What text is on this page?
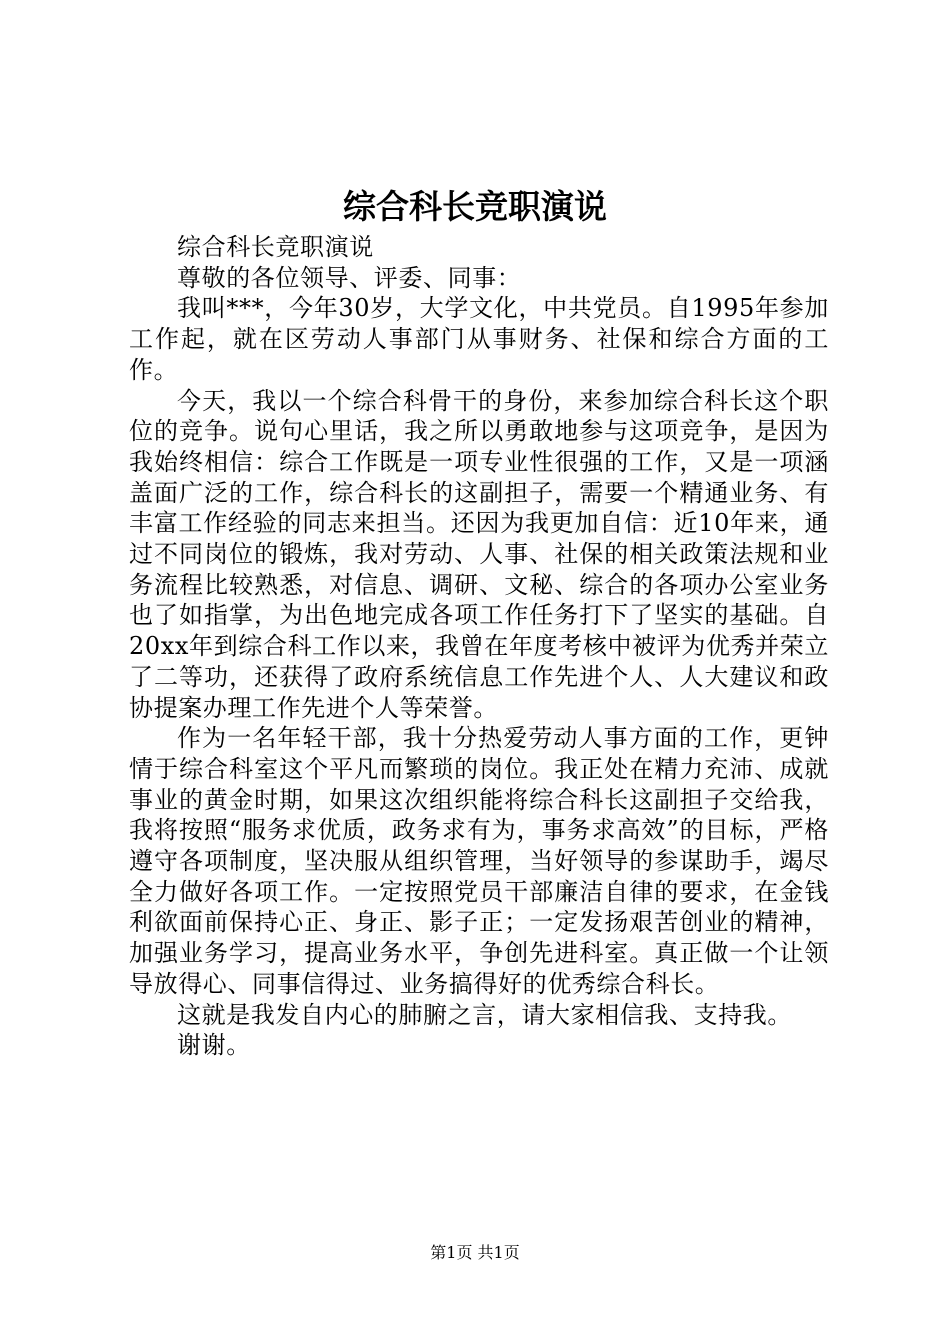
综合科长竞职演说

综合科长竞职演说

尊敬的各位领导、评委、同事：

我叫***，今年30岁，大学文化，中共党员。自1995年参加工作起，就在区劳动人事部门从事财务、社保和综合方面的工作。

今天，我以一个综合科骨干的身份，来参加综合科长这个职位的竞争。说句心里话，我之所以勇敢地参与这项竞争，是因为我始终相信：综合工作既是一项专业性很强的工作，又是一项涵盖面广泛的工作，综合科长的这副担子，需要一个精通业务、有丰富工作经验的同志来担当。还因为我更加自信：近10年来，通过不同岗位的锻炼，我对劳动、人事、社保的相关政策法规和业务流程比较熟悉，对信息、调研、文秘、综合的各项办公室业务也了如指掌，为出色地完成各项工作任务打下了坚实的基础。自20xx年到综合科工作以来，我曾在年度考核中被评为优秀并荣立了二等功，还获得了政府系统信息工作先进个人、人大建议和政协提案办理工作先进个人等荣誉。

作为一名年轻干部，我十分热爱劳动人事方面的工作，更钟情于综合科室这个平凡而繁琐的岗位。我正处在精力充沛、成就事业的黄金时期，如果这次组织能将综合科长这副担子交给我，我将按照“服务求优质，政务求有为，事务求高效”的目标，严格遵守各项制度，坚决服从组织管理，当好领导的参谋助手，竭尽全力做好各项工作。一定按照党员干部廉洁自律的要求，在金钱利欲面前保持心正、身正、影子正；一定发扬艰苦创业的精神，加强业务学习，提高业务水平，争创先进科室。真正做一个让领导放得心、同事信得过、业务搞得好的优秀综合科长。

这就是我发自内心的肺腑之言，请大家相信我、支持我。

谢谢。

第1页 共1页
